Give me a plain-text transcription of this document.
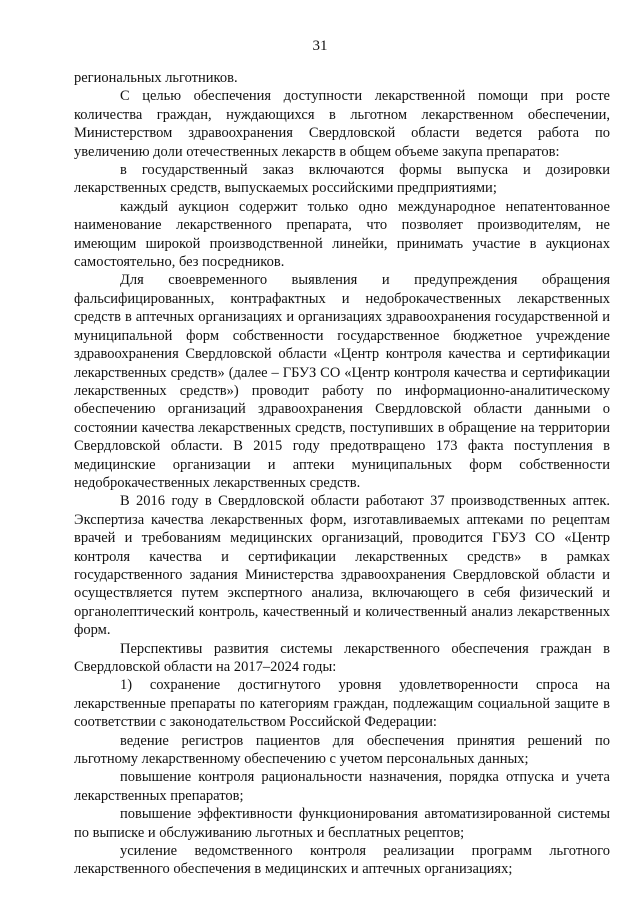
31

региональных льготников.

С целью обеспечения доступности лекарственной помощи при росте количества граждан, нуждающихся в льготном лекарственном обеспечении, Министерством здравоохранения Свердловской области ведется работа по увеличению доли отечественных лекарств в общем объеме закупа препаратов:

в государственный заказ включаются формы выпуска и дозировки лекарственных средств, выпускаемых российскими предприятиями;

каждый аукцион содержит только одно международное непатентованное наименование лекарственного препарата, что позволяет производителям, не имеющим широкой производственной линейки, принимать участие в аукционах самостоятельно, без посредников.

Для своевременного выявления и предупреждения обращения фальсифицированных, контрафактных и недоброкачественных лекарственных средств в аптечных организациях и организациях здравоохранения государственной и муниципальной форм собственности государственное бюджетное учреждение здравоохранения Свердловской области «Центр контроля качества и сертификации лекарственных средств» (далее – ГБУЗ СО «Центр контроля качества и сертификации лекарственных средств») проводит работу по информационно-аналитическому обеспечению организаций здравоохранения Свердловской области данными о состоянии качества лекарственных средств, поступивших в обращение на территории Свердловской области. В 2015 году предотвращено 173 факта поступления в медицинские организации и аптеки муниципальных форм собственности недоброкачественных лекарственных средств.

В 2016 году в Свердловской области работают 37 производственных аптек. Экспертиза качества лекарственных форм, изготавливаемых аптеками по рецептам врачей и требованиям медицинских организаций, проводится ГБУЗ СО «Центр контроля качества и сертификации лекарственных средств» в рамках государственного задания Министерства здравоохранения Свердловской области и осуществляется путем экспертного анализа, включающего в себя физический и органолептический контроль, качественный и количественный анализ лекарственных форм.

Перспективы развития системы лекарственного обеспечения граждан в Свердловской области на 2017–2024 годы:

1) сохранение достигнутого уровня удовлетворенности спроса на лекарственные препараты по категориям граждан, подлежащим социальной защите в соответствии с законодательством Российской Федерации:

ведение регистров пациентов для обеспечения принятия решений по льготному лекарственному обеспечению с учетом персональных данных;

повышение контроля рациональности назначения, порядка отпуска и учета лекарственных препаратов;

повышение эффективности функционирования автоматизированной системы по выписке и обслуживанию льготных и бесплатных рецептов;

усиление ведомственного контроля реализации программ льготного лекарственного обеспечения в медицинских и аптечных организациях;
